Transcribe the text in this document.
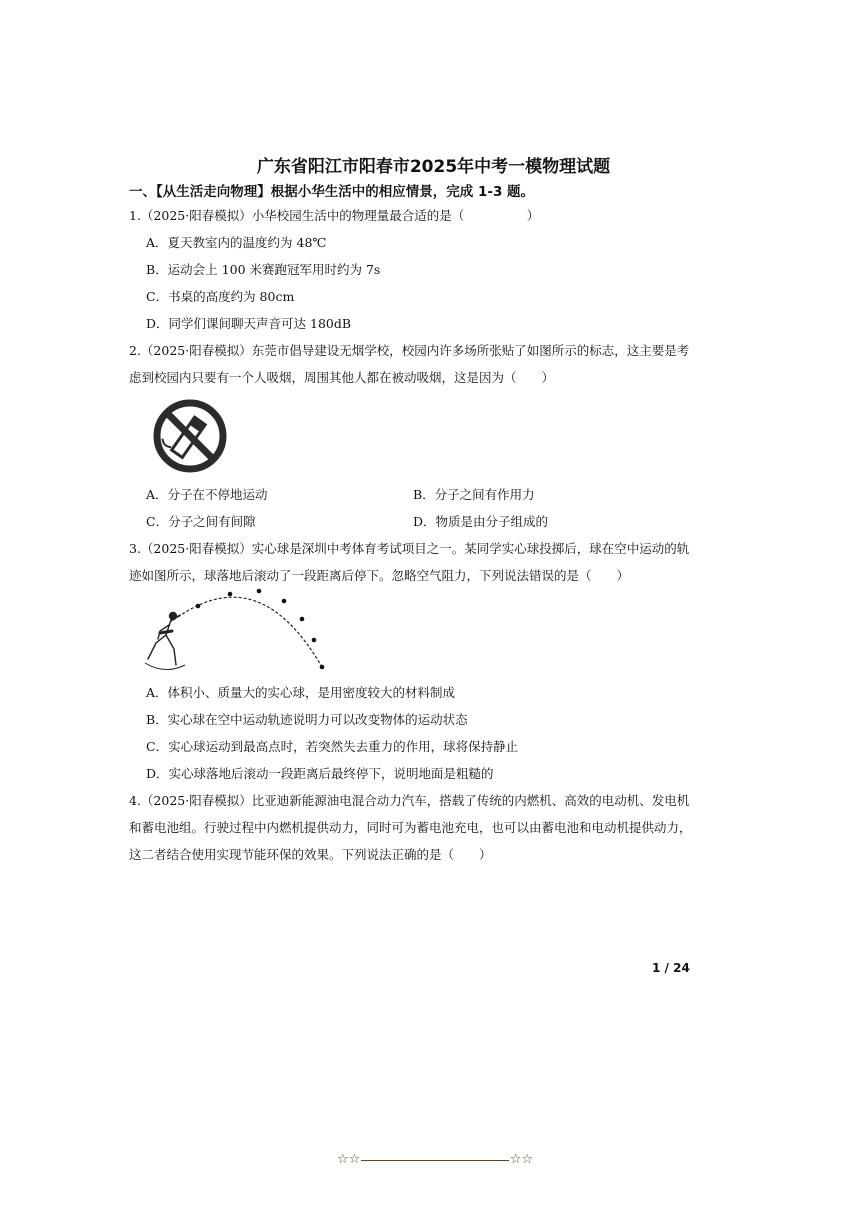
广东省阳江市阳春市2025年中考一模物理试题
一、【从生活走向物理】根据小华生活中的相应情景，完成 1-3 题。
1.（2025·阳春模拟）小华校园生活中的物理量最合适的是（　　　　　）
A．夏天教室内的温度约为 48℃
B．运动会上 100 米赛跑冠军用时约为 7s
C．书桌的高度约为 80cm
D．同学们课间聊天声音可达 180dB
2.（2025·阳春模拟）东莞市倡导建设无烟学校，校园内许多场所张贴了如图所示的标志，这主要是考
虑到校园内只要有一个人吸烟，周围其他人都在被动吸烟，这是因为（　　）
A．分子在不停地运动	B．分子之间有作用力
C．分子之间有间隙	D．物质是由分子组成的
3.（2025·阳春模拟）实心球是深圳中考体育考试项目之一。某同学实心球投掷后，球在空中运动的轨
迹如图所示，球落地后滚动了一段距离后停下。忽略空气阻力，下列说法错误的是（　　）
A．体积小、质量大的实心球，是用密度较大的材料制成
B．实心球在空中运动轨迹说明力可以改变物体的运动状态
C．实心球运动到最高点时，若突然失去重力的作用，球将保持静止
D．实心球落地后滚动一段距离后最终停下，说明地面是粗糙的
4.（2025·阳春模拟）比亚迪新能源油电混合动力汽车，搭载了传统的内燃机、高效的电动机、发电机
和蓄电池组。行驶过程中内燃机提供动力，同时可为蓄电池充电，也可以由蓄电池和电动机提供动力，
这二者结合使用实现节能环保的效果。下列说法正确的是（　　）
1 / 24
☆☆	☆☆
